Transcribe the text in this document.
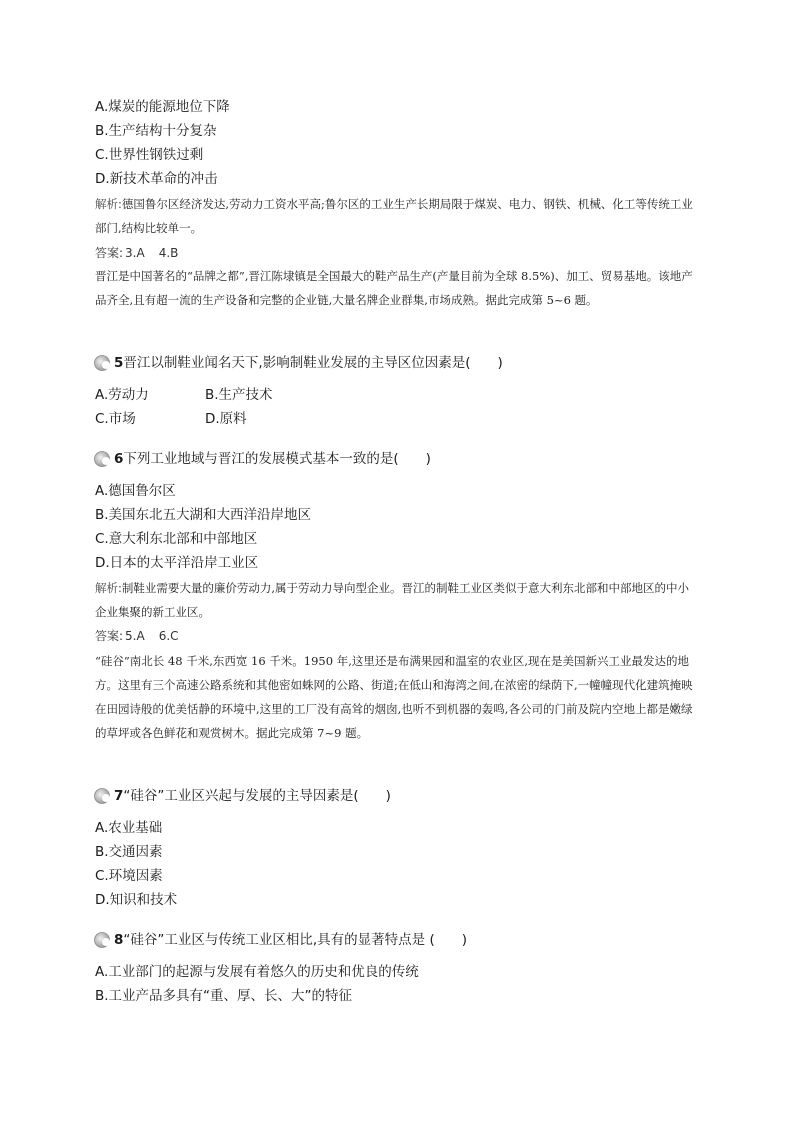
A.煤炭的能源地位下降
B.生产结构十分复杂
C.世界性钢铁过剩
D.新技术革命的冲击
解析:德国鲁尔区经济发达,劳动力工资水平高;鲁尔区的工业生产长期局限于煤炭、电力、钢铁、机械、化工等传统工业部门,结构比较单一。
答案: 3.A 4.B
晋江是中国著名的“品牌之都”,晋江陈埭镇是全国最大的鞋产品生产(产量目前为全球 8.5%)、加工、贸易基地。该地产品齐全,且有超一流的生产设备和完整的企业链,大量名牌企业群集,市场成熟。据此完成第 5~6 题。
5晋江以制鞋业闻名天下,影响制鞋业发展的主导区位因素是(　　)
A.劳动力	B.生产技术
C.市场	D.原料
6下列工业地域与晋江的发展模式基本一致的是(　　)
A.德国鲁尔区
B.美国东北五大湖和大西洋沿岸地区
C.意大利东北部和中部地区
D.日本的太平洋沿岸工业区
解析:制鞋业需要大量的廉价劳动力,属于劳动力导向型企业。晋江的制鞋工业区类似于意大利东北部和中部地区的中小企业集聚的新工业区。
答案: 5.A 6.C
“硅谷”南北长 48 千米,东西宽 16 千米。1950 年,这里还是布满果园和温室的农业区,现在是美国新兴工业最发达的地方。这里有三个高速公路系统和其他密如蛛网的公路、街道;在低山和海湾之间,在浓密的绿荫下,一幢幢现代化建筑掩映在田园诗般的优美恬静的环境中,这里的工厂没有高耸的烟囱,也听不到机器的轰鸣,各公司的门前及院内空地上都是嫩绿的草坪或各色鲜花和观赏树木。据此完成第 7~9 题。
7“硅谷”工业区兴起与发展的主导因素是(　　)
A.农业基础
B.交通因素
C.环境因素
D.知识和技术
8“硅谷”工业区与传统工业区相比,具有的显著特点是 (　　)
A.工业部门的起源与发展有着悠久的历史和优良的传统
B.工业产品多具有“重、厚、长、大”的特征
